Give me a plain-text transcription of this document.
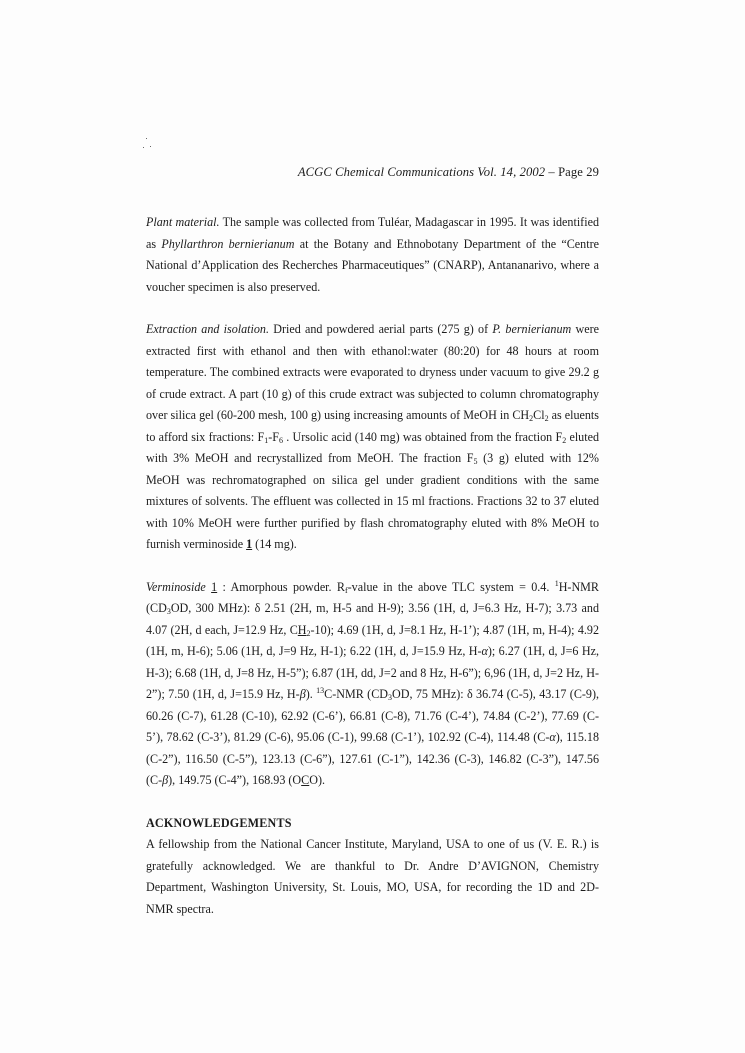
ACGC Chemical Communications Vol. 14, 2002 – Page 29

Plant material. The sample was collected from Tuléar, Madagascar in 1995. It was identified as Phyllarthron bernierianum at the Botany and Ethnobotany Department of the “Centre National d’Application des Recherches Pharmaceutiques” (CNARP), Antananarivo, where a voucher specimen is also preserved.

Extraction and isolation. Dried and powdered aerial parts (275 g) of P. bernierianum were extracted first with ethanol and then with ethanol:water (80:20) for 48 hours at room temperature. The combined extracts were evaporated to dryness under vacuum to give 29.2 g of crude extract. A part (10 g) of this crude extract was subjected to column chromatography over silica gel (60-200 mesh, 100 g) using increasing amounts of MeOH in $CH_2Cl_2$ as eluents to afford six fractions: $F_1-F_6$ . Ursolic acid (140 mg) was obtained from the fraction $F_2$ eluted with 3% MeOH and recrystallized from MeOH. The fraction $F_5$ (3 g) eluted with 12% MeOH was rechromatographed on silica gel under gradient conditions with the same mixtures of solvents. The effluent was collected in 15 ml fractions. Fractions 32 to 37 eluted with 10% MeOH were further purified by flash chromatography eluted with 8% MeOH to furnish verminoside 1 (14 mg).

Verminoside 1 : Amorphous powder. $R_f$-value in the above TLC system = 0.4. $^1$H-NMR ($CD_3OD$, 300 MHz): δ 2.51 (2H, m, H-5 and H-9); 3.56 (1H, d, J=6.3 Hz, H-7); 3.73 and 4.07 (2H, d each, J=12.9 Hz, $CH_2-10$); 4.69 (1H, d, J=8.1 Hz, H-1’); 4.87 (1H, m, H-4); 4.92 (1H, m, H-6); 5.06 (1H, d, J=9 Hz, H-1); 6.22 (1H, d, J=15.9 Hz, H-α); 6.27 (1H, d, J=6 Hz, H-3); 6.68 (1H, d, J=8 Hz, H-5”); 6.87 (1H, dd, J=2 and 8 Hz, H-6”); 6,96 (1H, d, J=2 Hz, H-2”); 7.50 (1H, d, J=15.9 Hz, H-β). $^{13}$C-NMR ($CD_3OD$, 75 MHz): δ 36.74 (C-5), 43.17 (C-9), 60.26 (C-7), 61.28 (C-10), 62.92 (C-6’), 66.81 (C-8), 71.76 (C-4’), 74.84 (C-2’), 77.69 (C-5’), 78.62 (C-3’), 81.29 (C-6), 95.06 (C-1), 99.68 (C-1’), 102.92 (C-4), 114.48 (C-α), 115.18 (C-2”), 116.50 (C-5”), 123.13 (C-6”), 127.61 (C-1”), 142.36 (C-3), 146.82 (C-3”), 147.56 (C-β), 149.75 (C-4”), 168.93 (OCO).

ACKNOWLEDGEMENTS

A fellowship from the National Cancer Institute, Maryland, USA to one of us (V. E. R.) is gratefully acknowledged. We are thankful to Dr. Andre D’AVIGNON, Chemistry Department, Washington University, St. Louis, MO, USA, for recording the 1D and 2D-NMR spectra.
